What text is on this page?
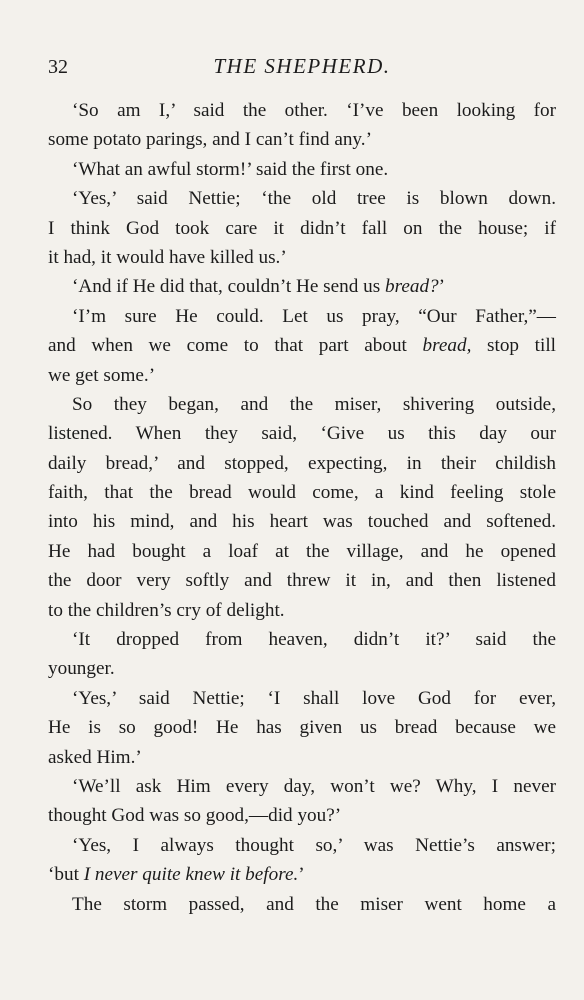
32	THE SHEPHERD.
‘So am I,’ said the other. ‘I’ve been looking for
some potato parings, and I can’t find any.’
‘What an awful storm!’ said the first one.
‘Yes,’ said Nettie; ‘the old tree is blown down.
I think God took care it didn’t fall on the house; if
it had, it would have killed us.’
‘And if He did that, couldn’t He send us bread?’
‘I’m sure He could. Let us pray, “Our Father,”—
and when we come to that part about bread, stop till
we get some.’
So they began, and the miser, shivering outside,
listened. When they said, ‘Give us this day our
daily bread,’ and stopped, expecting, in their childish
faith, that the bread would come, a kind feeling stole
into his mind, and his heart was touched and softened.
He had bought a loaf at the village, and he opened
the door very softly and threw it in, and then listened
to the children’s cry of delight.
‘It dropped from heaven, didn’t it?’ said the
younger.
‘Yes,’ said Nettie; ‘I shall love God for ever,
He is so good! He has given us bread because we
asked Him.’
‘We’ll ask Him every day, won’t we? Why, I never
thought God was so good,—did you?’
‘Yes, I always thought so,’ was Nettie’s answer;
‘but I never quite knew it before.’
The storm passed, and the miser went home a
